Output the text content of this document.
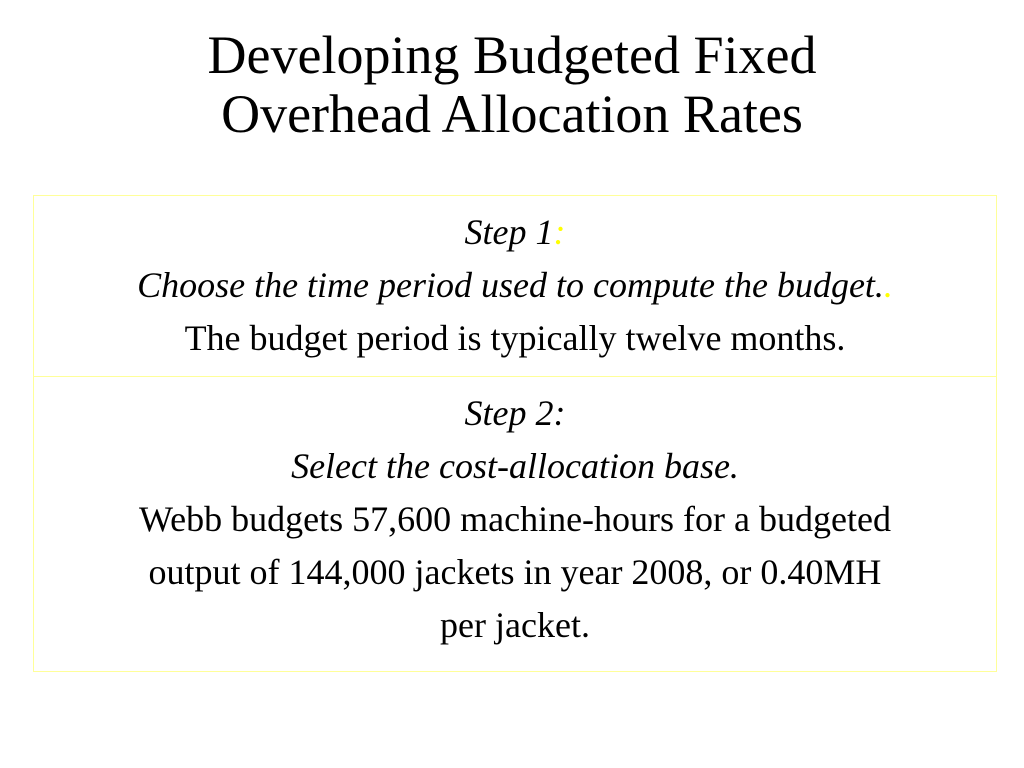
Developing Budgeted Fixed
Overhead Allocation Rates
Step 1:
Choose the time period used to compute the budget..
The budget period is typically twelve months.

Step 2:
Select the cost-allocation base.
Webb budgets 57,600 machine-hours for a budgeted
output of 144,000 jackets in year 2008, or 0.40MH
per jacket.
